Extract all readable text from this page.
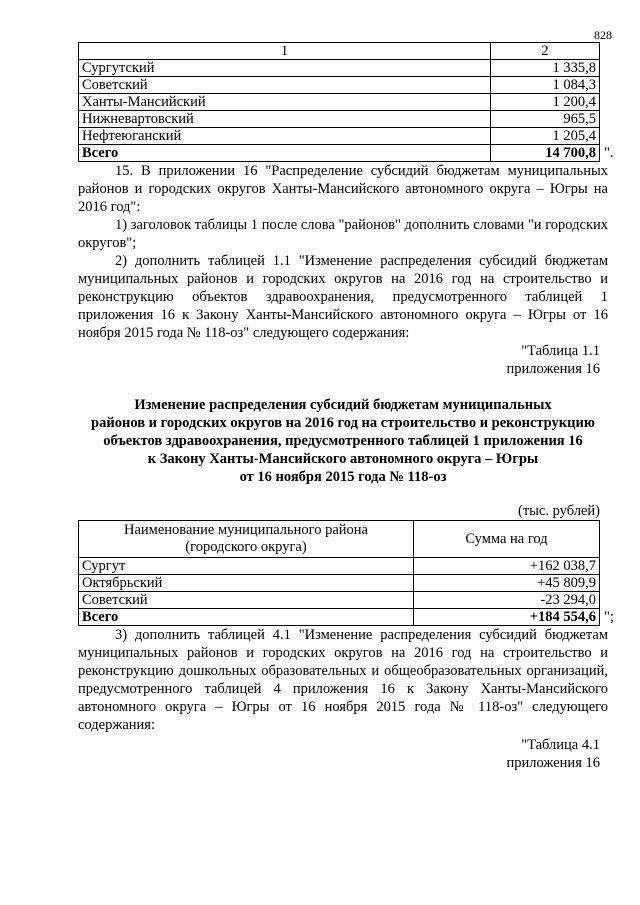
828
1	2
Сургутский	1 335,8
Советский	1 084,3
Ханты-Мансийский	1 200,4
Нижневартовский	965,5
Нефтеюганский	1 205,4
Всего	14 700,8 ".

15. В приложении 16 "Распределение субсидий бюджетам муниципальных районов и городских округов Ханты-Мансийского автономного округа – Югры на 2016 год":

1) заголовок таблицы 1 после слова "районов" дополнить словами "и городских округов";

2) дополнить таблицей 1.1 "Изменение распределения субсидий бюджетам муниципальных районов и городских округов на 2016 год на строительство и реконструкцию объектов здравоохранения, предусмотренного таблицей 1 приложения 16 к Закону Ханты-Мансийского автономного округа – Югры от 16 ноября 2015 года № 118-оз" следующего содержания:

"Таблица 1.1
приложения 16
Изменение распределения субсидий бюджетам муниципальных
районов и городских округов на 2016 год на строительство и реконструкцию
объектов здравоохранения, предусмотренного таблицей 1 приложения 16
к Закону Ханты-Мансийского автономного округа – Югры
от 16 ноября 2015 года № 118-оз
(тыс. рублей)
Наименование муниципального района
(городского округа)	Сумма на год
Сургут	+162 038,7
Октябрьский	+45 809,9
Советский	-23 294,0
Всего	+184 554,6 ";

3) дополнить таблицей 4.1 "Изменение распределения субсидий бюджетам муниципальных районов и городских округов на 2016 год на строительство и реконструкцию дошкольных образовательных и общеобразовательных организаций, предусмотренного таблицей 4 приложения 16 к Закону Ханты-Мансийского автономного округа – Югры от 16 ноября 2015 года № 118-оз" следующего содержания:

"Таблица 4.1
приложения 16
